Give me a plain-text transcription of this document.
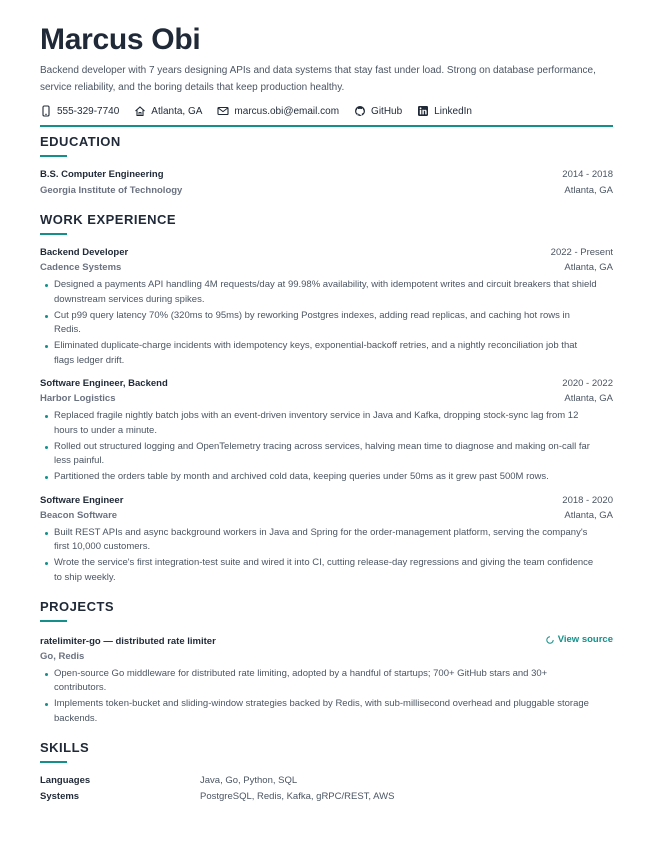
Marcus Obi
Backend developer with 7 years designing APIs and data systems that stay fast under load. Strong on database performance, service reliability, and the boring details that keep production healthy.
555-329-7740	Atlanta, GA	marcus.obi@email.com	GitHub	LinkedIn
EDUCATION
B.S. Computer Engineering	2014 - 2018
Georgia Institute of Technology	Atlanta, GA
WORK EXPERIENCE
Backend Developer	2022 - Present
Cadence Systems	Atlanta, GA
Designed a payments API handling 4M requests/day at 99.98% availability, with idempotent writes and circuit breakers that shield downstream services during spikes.
Cut p99 query latency 70% (320ms to 95ms) by reworking Postgres indexes, adding read replicas, and caching hot rows in Redis.
Eliminated duplicate-charge incidents with idempotency keys, exponential-backoff retries, and a nightly reconciliation job that flags ledger drift.
Software Engineer, Backend	2020 - 2022
Harbor Logistics	Atlanta, GA
Replaced fragile nightly batch jobs with an event-driven inventory service in Java and Kafka, dropping stock-sync lag from 12 hours to under a minute.
Rolled out structured logging and OpenTelemetry tracing across services, halving mean time to diagnose and making on-call far less painful.
Partitioned the orders table by month and archived cold data, keeping queries under 50ms as it grew past 500M rows.
Software Engineer	2018 - 2020
Beacon Software	Atlanta, GA
Built REST APIs and async background workers in Java and Spring for the order-management platform, serving the company's first 10,000 customers.
Wrote the service's first integration-test suite and wired it into CI, cutting release-day regressions and giving the team confidence to ship weekly.
PROJECTS
ratelimiter-go — distributed rate limiter	View source
Go, Redis
Open-source Go middleware for distributed rate limiting, adopted by a handful of startups; 700+ GitHub stars and 30+ contributors.
Implements token-bucket and sliding-window strategies backed by Redis, with sub-millisecond overhead and pluggable storage backends.
SKILLS
Languages	Java, Go, Python, SQL
Systems	PostgreSQL, Redis, Kafka, gRPC/REST, AWS
